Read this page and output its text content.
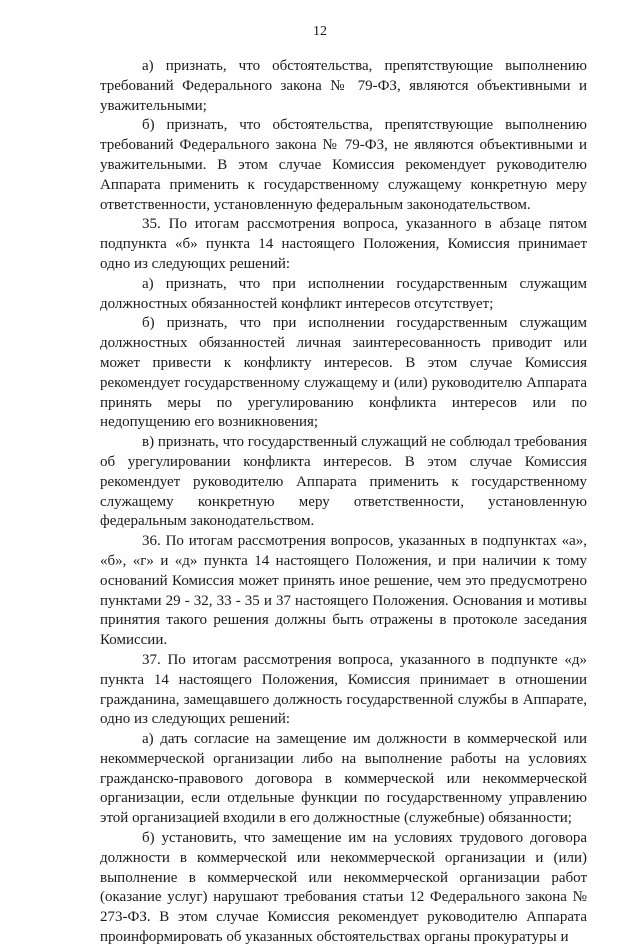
12

а) признать, что обстоятельства, препятствующие выполнению требований Федерального закона № 79-ФЗ, являются объективными и уважительными;

б) признать, что обстоятельства, препятствующие выполнению требований Федерального закона № 79-ФЗ, не являются объективными и уважительными. В этом случае Комиссия рекомендует руководителю Аппарата применить к государственному служащему конкретную меру ответственности, установленную федеральным законодательством.

35. По итогам рассмотрения вопроса, указанного в абзаце пятом подпункта «б» пункта 14 настоящего Положения, Комиссия принимает одно из следующих решений:

а) признать, что при исполнении государственным служащим должностных обязанностей конфликт интересов отсутствует;

б) признать, что при исполнении государственным служащим должностных обязанностей личная заинтересованность приводит или может привести к конфликту интересов. В этом случае Комиссия рекомендует государственному служащему и (или) руководителю Аппарата принять меры по урегулированию конфликта интересов или по недопущению его возникновения;

в) признать, что государственный служащий не соблюдал требования об урегулировании конфликта интересов. В этом случае Комиссия рекомендует руководителю Аппарата применить к государственному служащему конкретную меру ответственности, установленную федеральным законодательством.

36. По итогам рассмотрения вопросов, указанных в подпунктах «а», «б», «г» и «д» пункта 14 настоящего Положения, и при наличии к тому оснований Комиссия может принять иное решение, чем это предусмотрено пунктами 29 - 32, 33 - 35 и 37 настоящего Положения. Основания и мотивы принятия такого решения должны быть отражены в протоколе заседания Комиссии.

37. По итогам рассмотрения вопроса, указанного в подпункте «д» пункта 14 настоящего Положения, Комиссия принимает в отношении гражданина, замещавшего должность государственной службы в Аппарате, одно из следующих решений:

а) дать согласие на замещение им должности в коммерческой или некоммерческой организации либо на выполнение работы на условиях гражданско-правового договора в коммерческой или некоммерческой организации, если отдельные функции по государственному управлению этой организацией входили в его должностные (служебные) обязанности;

б) установить, что замещение им на условиях трудового договора должности в коммерческой или некоммерческой организации и (или) выполнение в коммерческой или некоммерческой организации работ (оказание услуг) нарушают требования статьи 12 Федерального закона № 273-ФЗ. В этом случае Комиссия рекомендует руководителю Аппарата проинформировать об указанных обстоятельствах органы прокуратуры и
